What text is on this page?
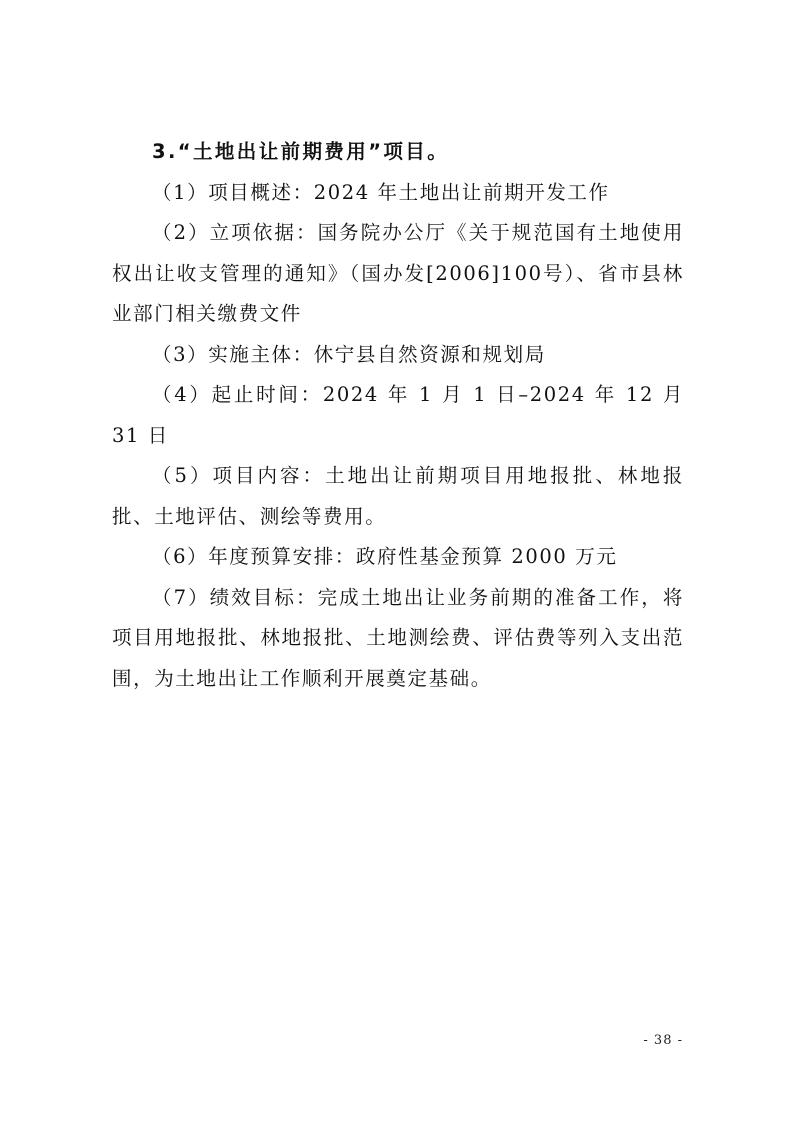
3.“土地出让前期费用”项目。

（1）项目概述：2024 年土地出让前期开发工作

（2）立项依据：国务院办公厅《关于规范国有土地使用权出让收支管理的通知》（国办发[2006]100号）、省市县林业部门相关缴费文件

（3）实施主体：休宁县自然资源和规划局

（4）起止时间：2024 年 1 月 1 日–2024 年 12 月 31 日

（5）项目内容：土地出让前期项目用地报批、林地报批、土地评估、测绘等费用。

（6）年度预算安排：政府性基金预算 2000 万元

（7）绩效目标：完成土地出让业务前期的准备工作，将项目用地报批、林地报批、土地测绘费、评估费等列入支出范围，为土地出让工作顺利开展奠定基础。

- 38 -
